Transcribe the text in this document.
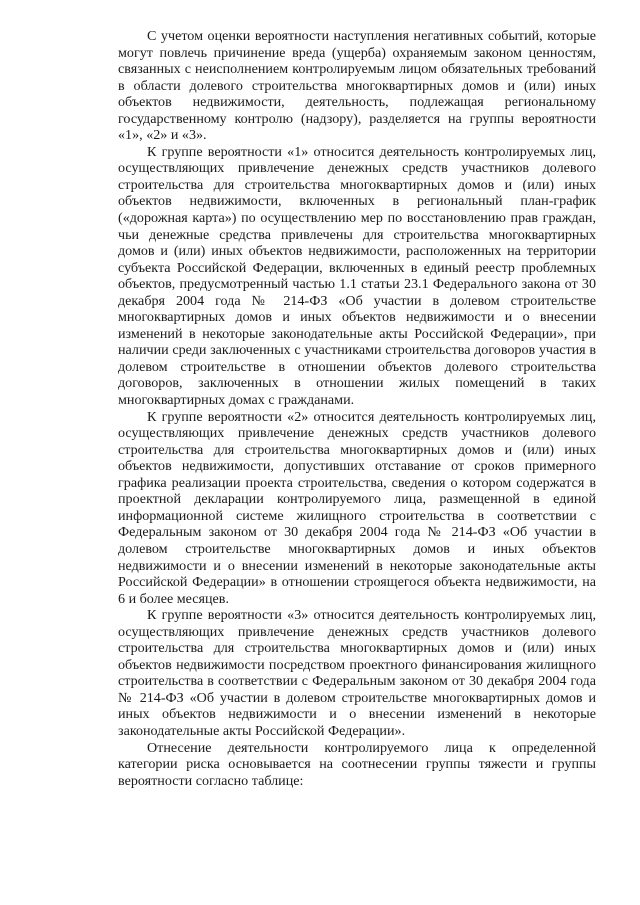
С учетом оценки вероятности наступления негативных событий, которые могут повлечь причинение вреда (ущерба) охраняемым законом ценностям, связанных с неисполнением контролируемым лицом обязательных требований в области долевого строительства многоквартирных домов и (или) иных объектов недвижимости, деятельность, подлежащая региональному государственному контролю (надзору), разделяется на группы вероятности «1», «2» и «3».

К группе вероятности «1» относится деятельность контролируемых лиц, осуществляющих привлечение денежных средств участников долевого строительства для строительства многоквартирных домов и (или) иных объектов недвижимости, включенных в региональный план-график («дорожная карта») по осуществлению мер по восстановлению прав граждан, чьи денежные средства привлечены для строительства многоквартирных домов и (или) иных объектов недвижимости, расположенных на территории субъекта Российской Федерации, включенных в единый реестр проблемных объектов, предусмотренный частью 1.1 статьи 23.1 Федерального закона от 30 декабря 2004 года № 214-ФЗ «Об участии в долевом строительстве многоквартирных домов и иных объектов недвижимости и о внесении изменений в некоторые законодательные акты Российской Федерации», при наличии среди заключенных с участниками строительства договоров участия в долевом строительстве в отношении объектов долевого строительства договоров, заключенных в отношении жилых помещений в таких многоквартирных домах с гражданами.

К группе вероятности «2» относится деятельность контролируемых лиц, осуществляющих привлечение денежных средств участников долевого строительства для строительства многоквартирных домов и (или) иных объектов недвижимости, допустивших отставание от сроков примерного графика реализации проекта строительства, сведения о котором содержатся в проектной декларации контролируемого лица, размещенной в единой информационной системе жилищного строительства в соответствии с Федеральным законом от 30 декабря 2004 года № 214-ФЗ «Об участии в долевом строительстве многоквартирных домов и иных объектов недвижимости и о внесении изменений в некоторые законодательные акты Российской Федерации» в отношении строящегося объекта недвижимости, на 6 и более месяцев.

К группе вероятности «3» относится деятельность контролируемых лиц, осуществляющих привлечение денежных средств участников долевого строительства для строительства многоквартирных домов и (или) иных объектов недвижимости посредством проектного финансирования жилищного строительства в соответствии с Федеральным законом от 30 декабря 2004 года № 214-ФЗ «Об участии в долевом строительстве многоквартирных домов и иных объектов недвижимости и о внесении изменений в некоторые законодательные акты Российской Федерации».

Отнесение деятельности контролируемого лица к определенной категории риска основывается на соотнесении группы тяжести и группы вероятности согласно таблице:
